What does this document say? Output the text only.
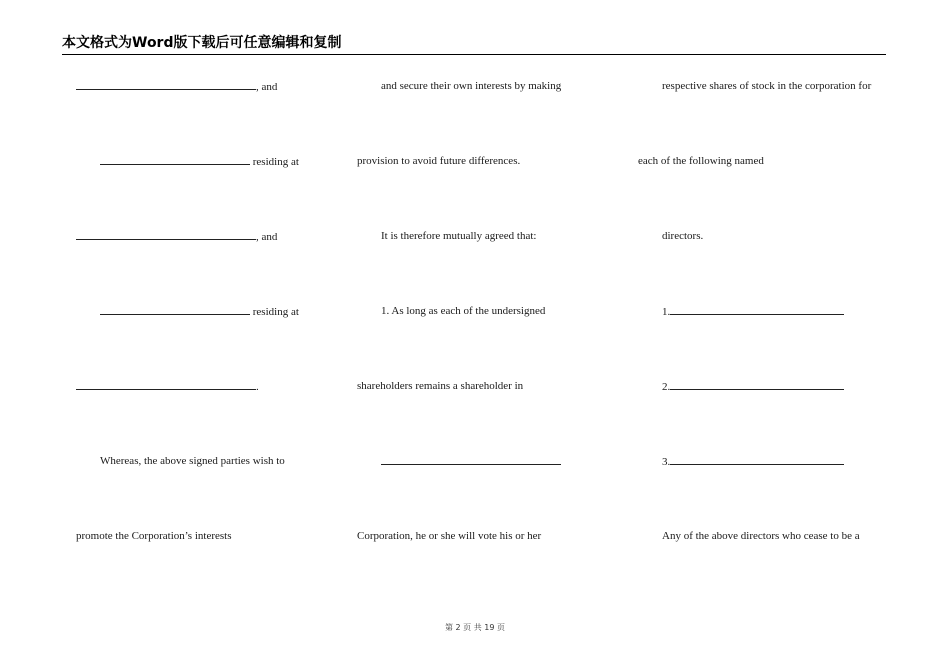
本文格式为Word版下载后可任意编辑和复制
, and
residing at
, and
residing at
.
Whereas, the above signed parties wish to
promote the Corporation’s interests
and secure their own interests by making
provision to avoid future differences.
It is therefore mutually agreed that:
1. As long as each of the undersigned
shareholders remains a shareholder in
Corporation, he or she will vote his or her
respective shares of stock in the corporation for
each of the following named
directors.
1.
2.
3.
Any of the above directors who cease to be a
第 2 页 共 19 页
